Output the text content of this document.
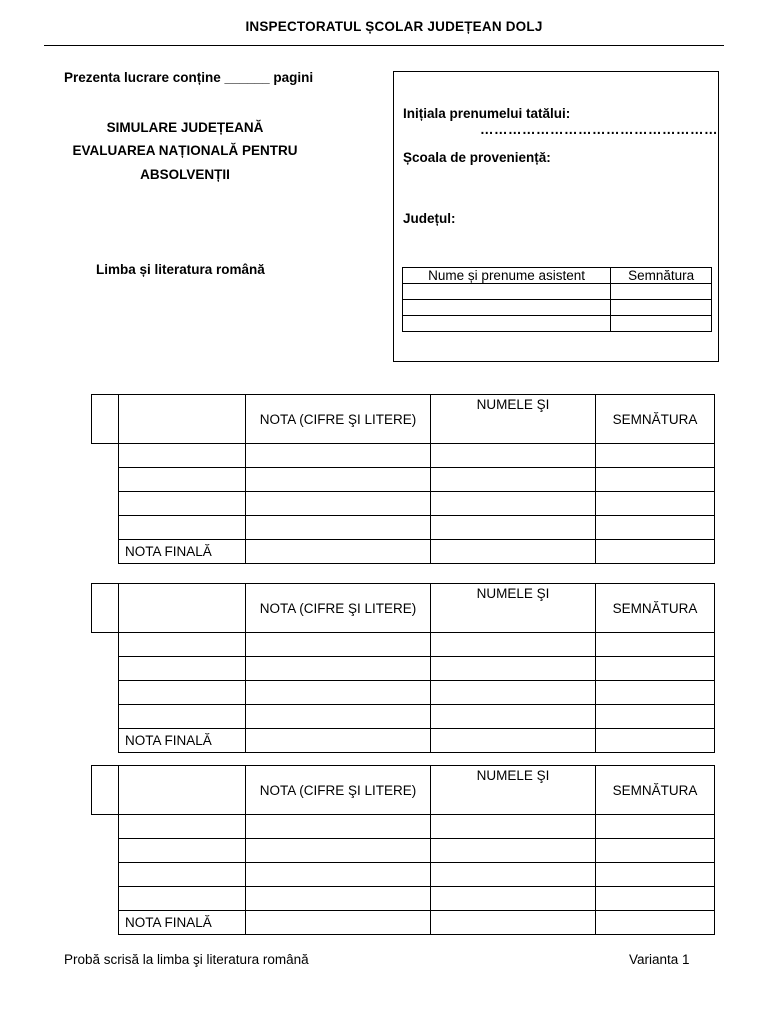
INSPECTORATUL ȘCOLAR JUDEȚEAN DOLJ
Prezenta lucrare conține ______ pagini
SIMULARE JUDEȚEANĂ
EVALUAREA NAȚIONALĂ PENTRU
ABSOLVENȚII
Limba și literatura română
Inițiala prenumelui tatălui:
……………………………………………
Școala de proveniență:
Județul:
Nume și prenume asistent	Semnătura

		NOTA (CIFRE ŞI LITERE)	NUMELE ŞI	SEMNĂTURA

	NOTA FINALĂ			
		NOTA (CIFRE ŞI LITERE)	NUMELE ŞI	SEMNĂTURA

	NOTA FINALĂ			
		NOTA (CIFRE ŞI LITERE)	NUMELE ŞI	SEMNĂTURA

	NOTA FINALĂ			
Probă scrisă la limba şi literatura română	Varianta 1
